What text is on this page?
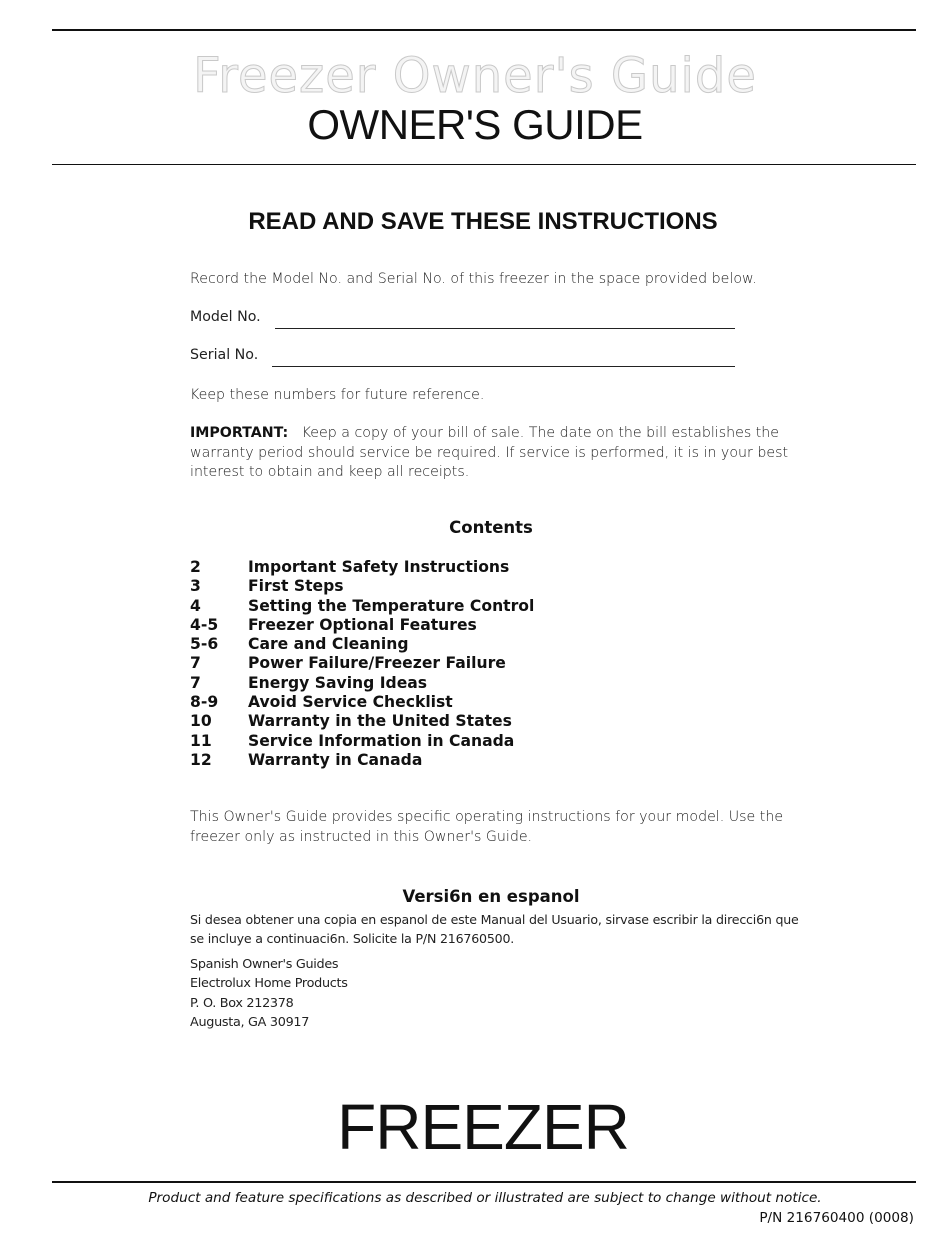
Freezer Owner's Guide
OWNER'S GUIDE
READ AND SAVE THESE INSTRUCTIONS

Record the Model No. and Serial No. of this freezer in the space provided below.

Model No.
Serial No.

Keep these numbers for future reference.

IMPORTANT: Keep a copy of your bill of sale. The date on the bill establishes the warranty period should service be required. If service is performed, it is in your best interest to obtain and keep all receipts.

Contents
2	Important Safety Instructions
3	First Steps
4	Setting the Temperature Control
4-5 Freezer Optional Features
5-6 Care and Cleaning
7	Power Failure/Freezer Failure
7	Energy Saving Ideas
8-9 Avoid Service Checklist
10 Warranty in the United States
11 Service Information in Canada
12 Warranty in Canada

This Owner's Guide provides specific operating instructions for your model. Use the freezer only as instructed in this Owner's Guide.

Versi6n en espanol

Si desea obtener una copia en espanol de este Manual del Usuario, sirvase escribir la direcci6n que se incluye a continuaci6n. Solicite la P/N 216760500.

Spanish Owner's Guides
Electrolux Home Products
P. O. Box 212378
Augusta, GA 30917
FREEZER

Product and feature specifications as described or illustrated are subject to change without notice.

P/N 216760400 (0008)
